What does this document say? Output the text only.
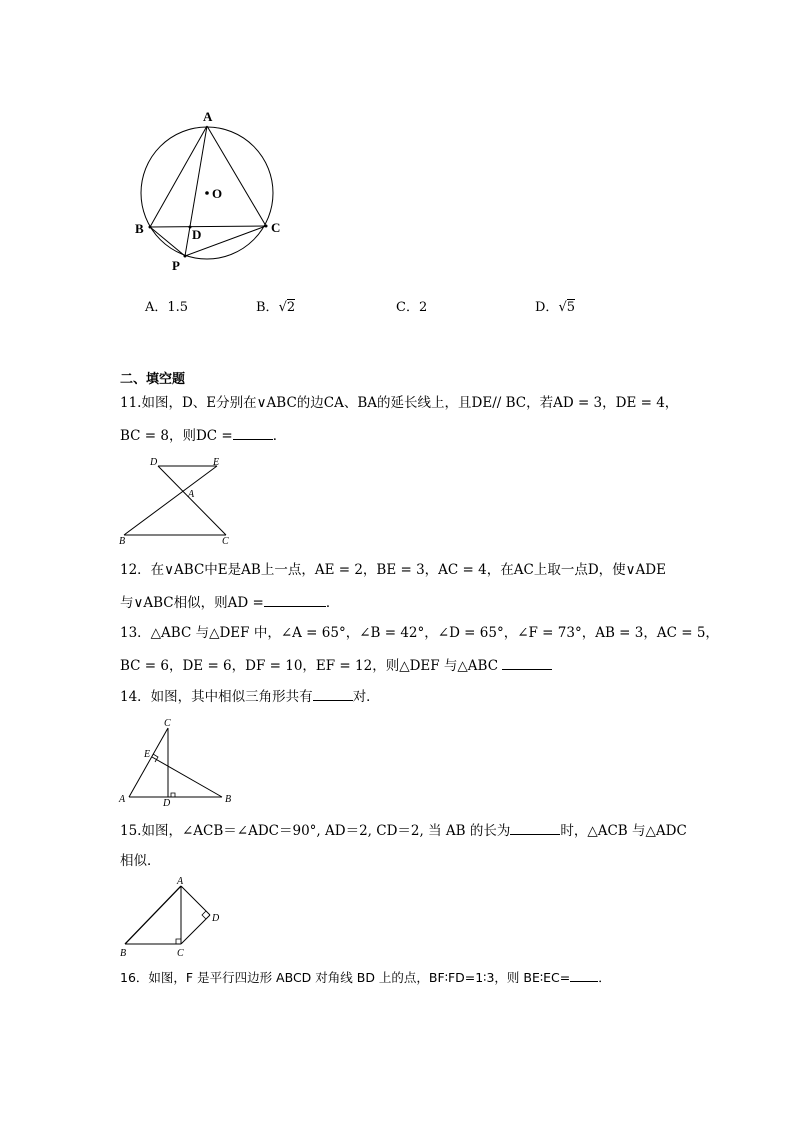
A
O
B	D	C
P
A．1.5	B．√2	C．2	D．√5
二、填空题
11.如图，D、E分别在∨ABC的边CA、BA的延长线上，且DE// BC，若AD = 3，DE = 4，
BC = 8，则DC =	．
D	E
A
B	C
12．在∨ABC中E是AB上一点，AE = 2，BE = 3，AC = 4，在AC上取一点D，使∨ADE
与∨ABC相似，则AD =	．
13．△ABC 与△DEF 中，∠A = 65°，∠B = 42°，∠D = 65°，∠F = 73°，AB = 3，AC = 5，
BC = 6，DE = 6，DF = 10，EF = 12，则△DEF 与△ABC
14．如图，其中相似三角形共有	对．
C
E
A	D	B
15.如图，∠ACB＝∠ADC＝90°, AD＝2, CD＝2, 当 AB 的长为	时，△ACB 与△ADC
相似．
A
D
B	C
16．如图，F 是平行四边形 ABCD 对角线 BD 上的点，BF∶FD=1∶3，则 BE∶EC= ．
